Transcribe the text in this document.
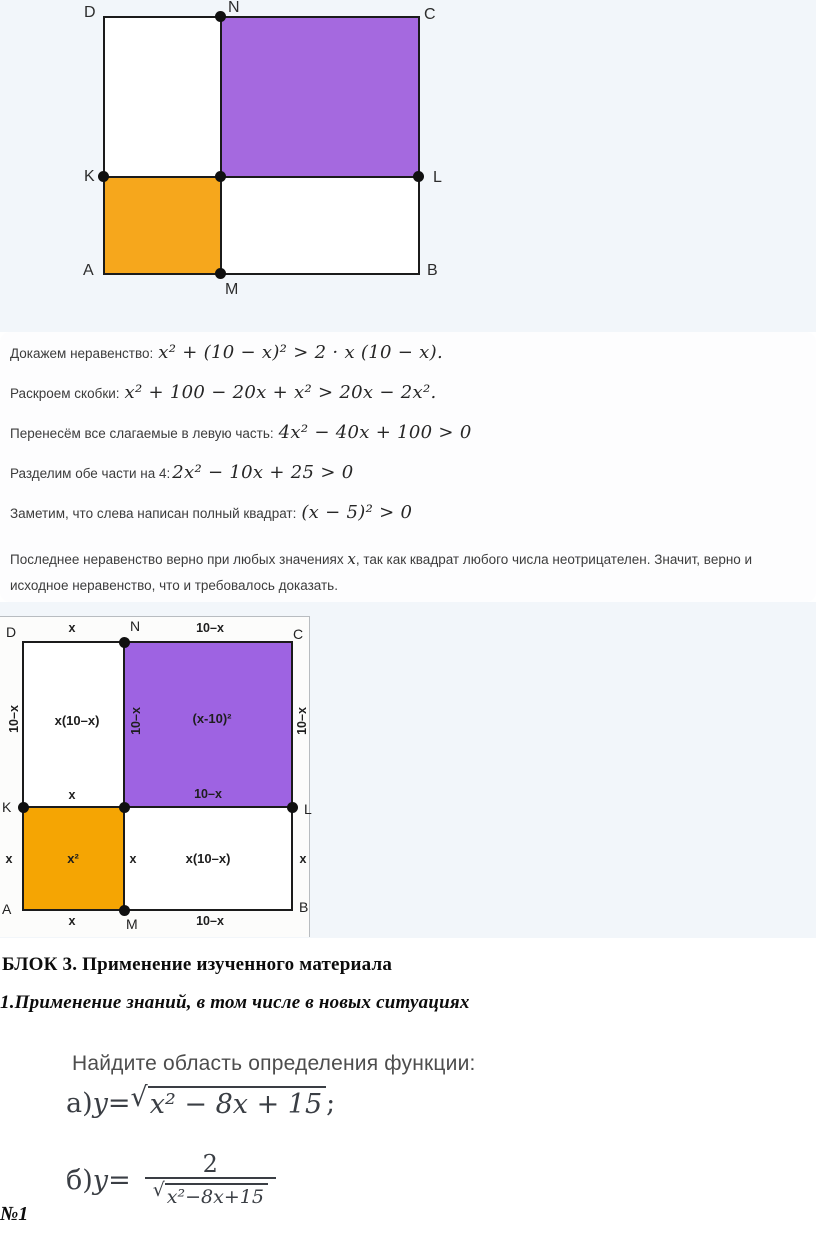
D	N	C
K	L
A
M
B
Докажем неравенство: x² + (10 − x)² > 2 · x (10 − x).
Раскроем скобки: x² + 100 − 20x + x² > 20x − 2x².
Перенесём все слагаемые в левую часть: 4x² − 40x + 100 > 0
Разделим обе части на 4: 2x² − 10x + 25 > 0
Заметим, что слева написан полный квадрат: (x − 5)² > 0
Последнее неравенство верно при любых значениях x, так как квадрат любого числа неотрицателен. Значит, верно и исходное неравенство, что и требовалось доказать.
D	N	C
K	L
A
M
B
x	10–x
10–x	10–x	10–x
x(10–x)	(x-10)²
x	10–x
x	x	x
x²	x(10–x)
x	10–x
БЛОК 3. Применение изученного материала
1.Применение знаний, в том числе в новых ситуациях
Найдите область определения функции:
а) y = √ x² − 8x + 15 ;
б) $y = \frac{2}{\text{√ x²−8x+15}}$
№1
